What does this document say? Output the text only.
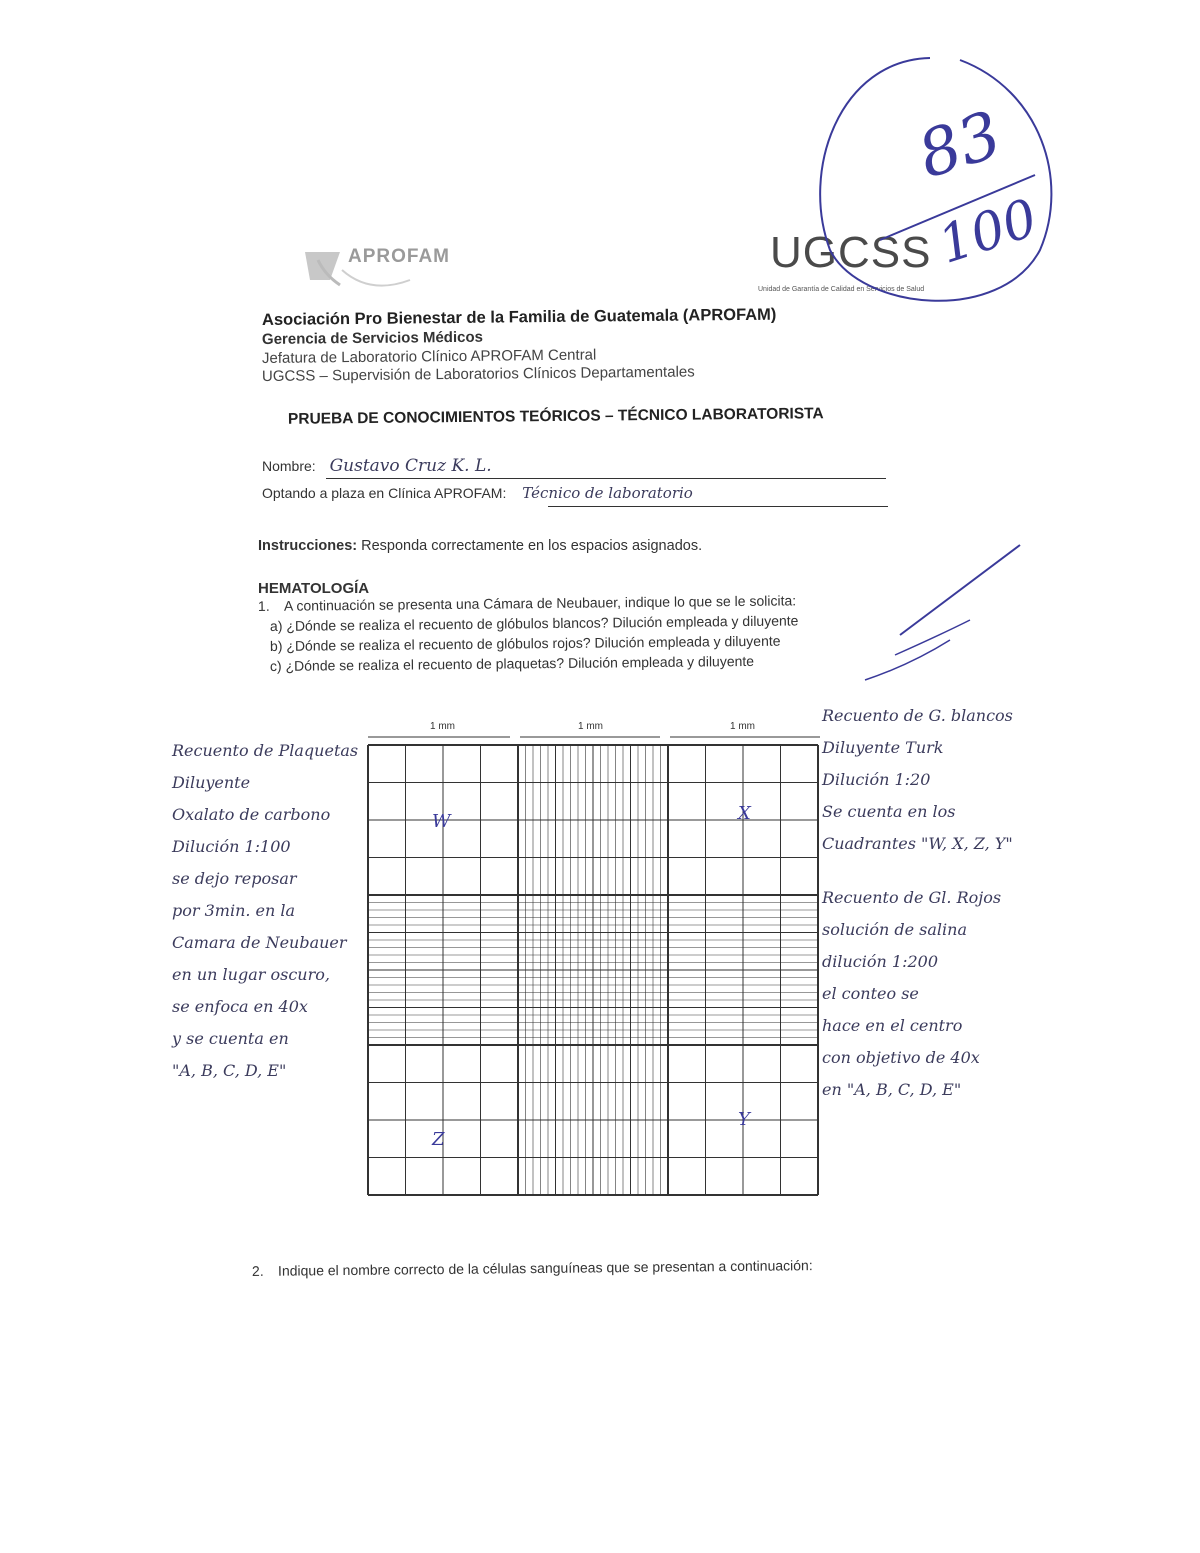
APROFAM	UGCSS
Unidad de Garantía de Calidad en Servicios de Salud
83
100
Asociación Pro Bienestar de la Familia de Guatemala (APROFAM)
Gerencia de Servicios Médicos
Jefatura de Laboratorio Clínico APROFAM Central
UGCSS – Supervisión de Laboratorios Clínicos Departamentales
PRUEBA DE CONOCIMIENTOS TEÓRICOS – TÉCNICO LABORATORISTA
Nombre: Gustavo Cruz K. L.
Optando a plaza en Clínica APROFAM: Técnico de laboratorio
Instrucciones: Responda correctamente en los espacios asignados.
HEMATOLOGÍA
1. A continuación se presenta una Cámara de Neubauer, indique lo que se le solicita:
a) ¿Dónde se realiza el recuento de glóbulos blancos? Dilución empleada y diluyente
b) ¿Dónde se realiza el recuento de glóbulos rojos? Dilución empleada y diluyente
c) ¿Dónde se realiza el recuento de plaquetas? Dilución empleada y diluyente
1 mm	1 mm	1 mm
W	X
Z
Y
Recuento de Plaquetas
Diluyente
Oxalato de carbono
Dilución 1:100
se dejo reposar
por 3min. en la
Camara de Neubauer
en un lugar oscuro,
se enfoca en 40x
y se cuenta en
"A, B, C, D, E"
Recuento de G. blancos
Diluyente Turk
Dilución 1:20
Se cuenta en los
Cuadrantes "W, X, Z, Y"
Recuento de Gl. Rojos
solución de salina
dilución 1:200
el conteo se
hace en el centro
con objetivo de 40x
en "A, B, C, D, E"
2. Indique el nombre correcto de la células sanguíneas que se presentan a continuación:
